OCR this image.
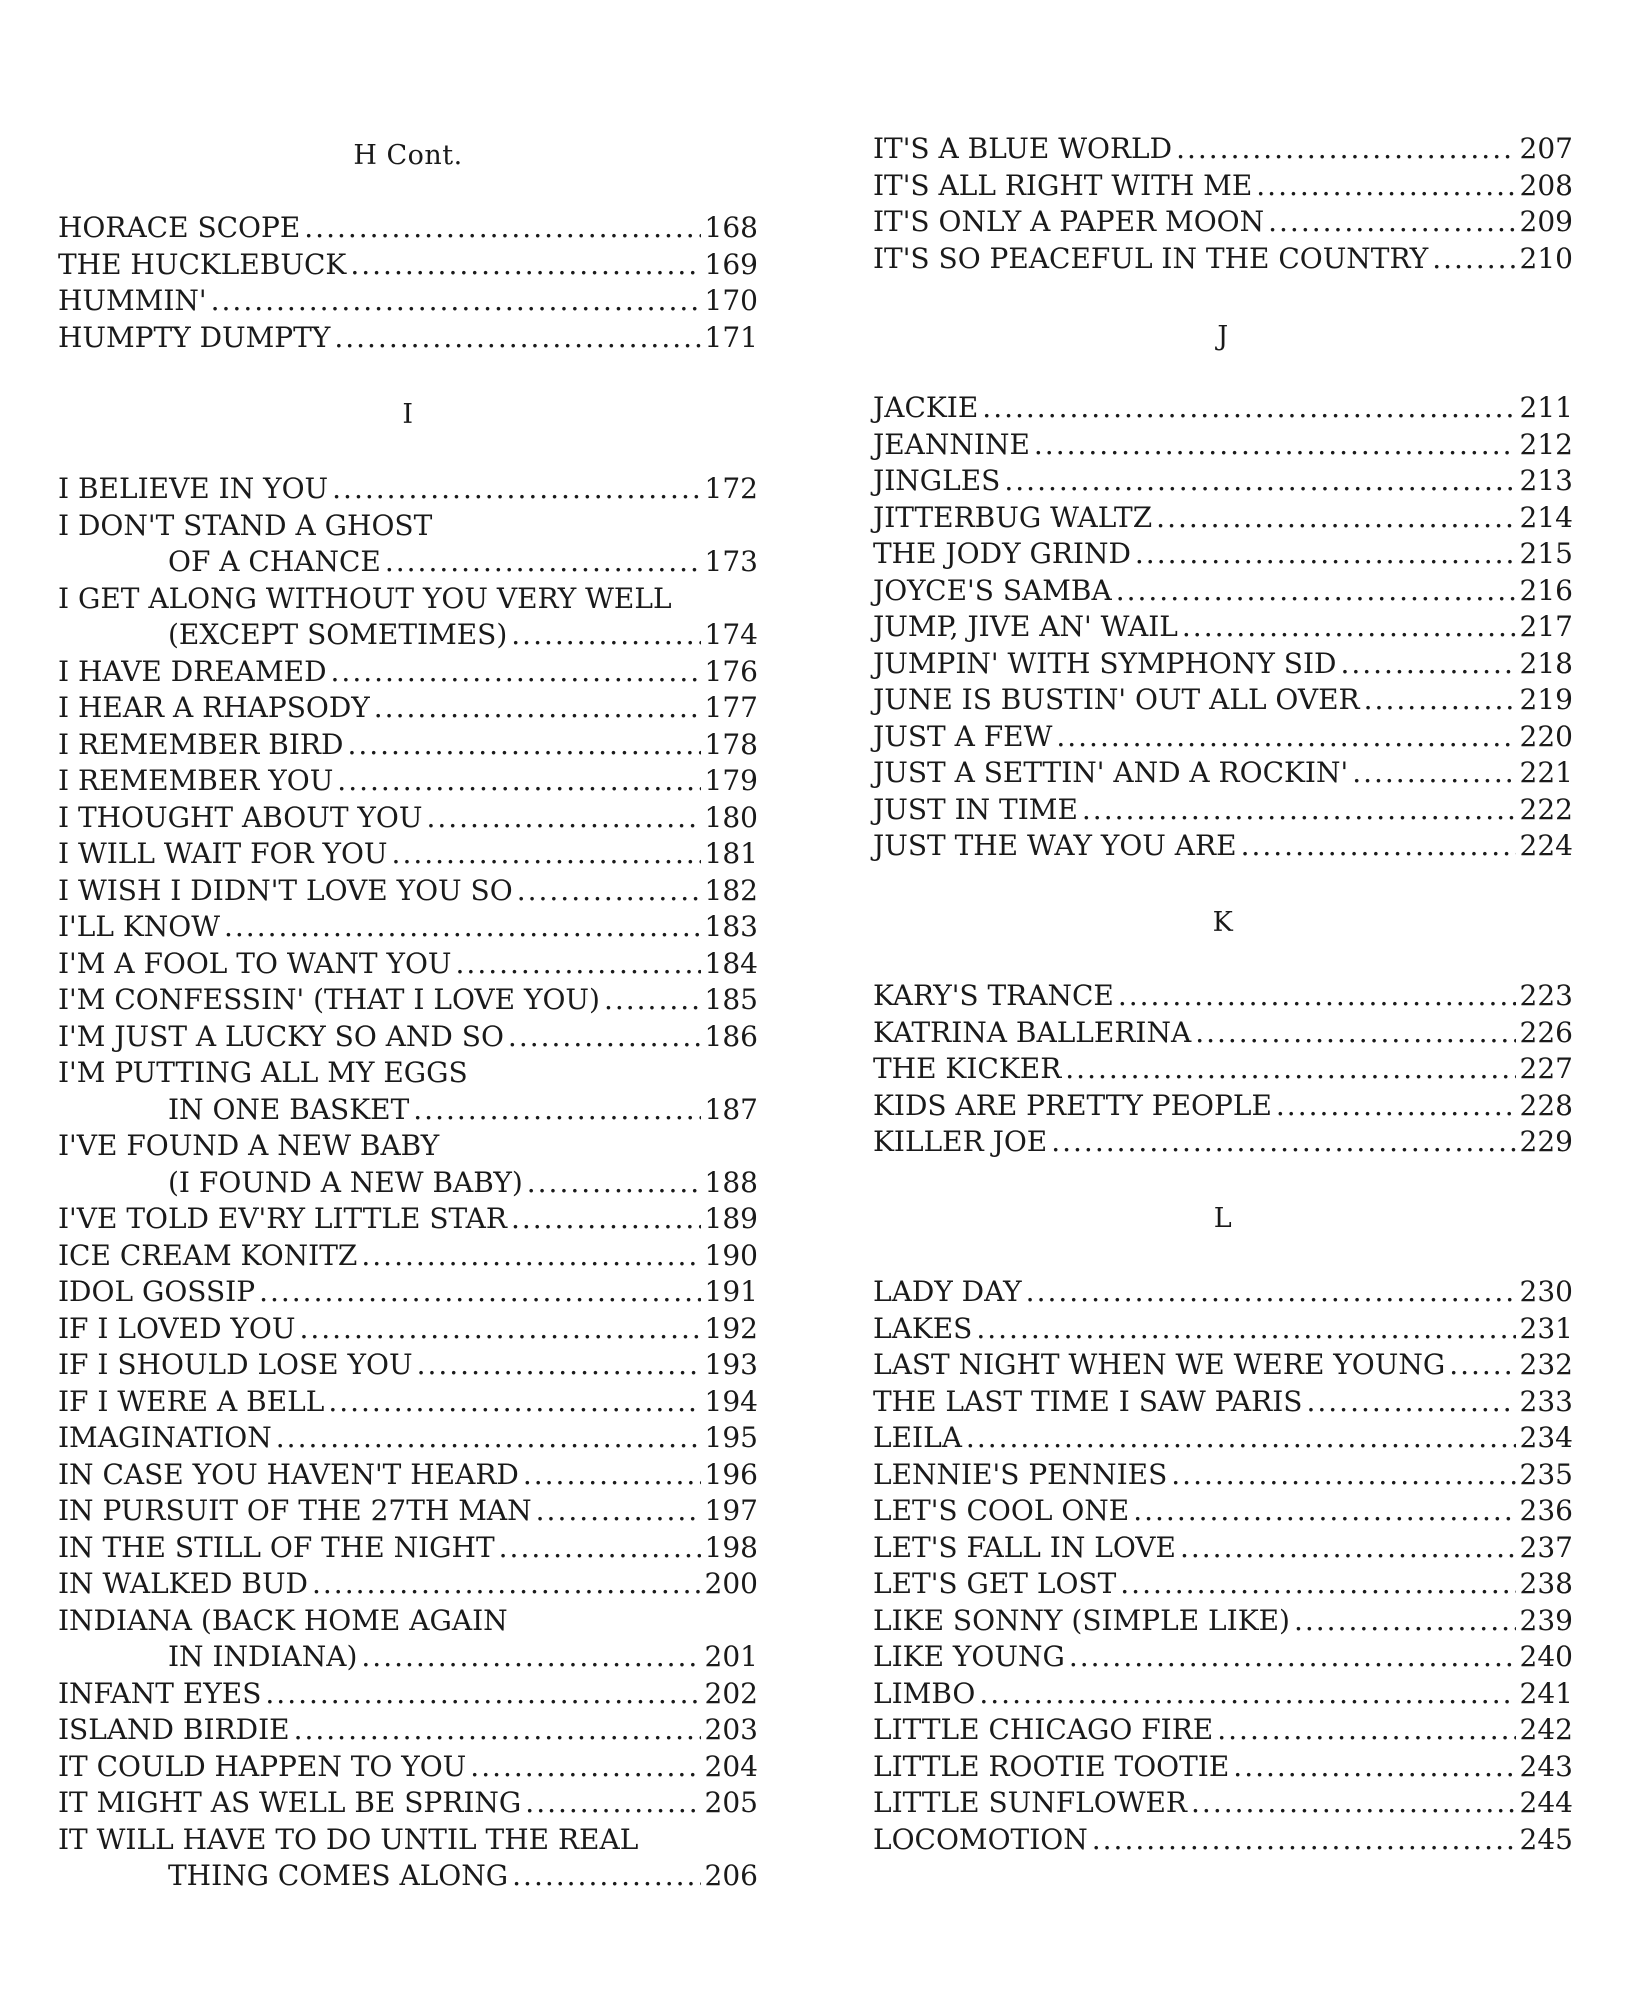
H Cont.
HORACE SCOPE .....	168
THE HUCKLEBUCK .....	169
HUMMIN' .....	170
HUMPTY DUMPTY .....	171
I
I BELIEVE IN YOU .....	172
I DON'T STAND A GHOST
OF A CHANCE .....	173
I GET ALONG WITHOUT YOU VERY WELL
(EXCEPT SOMETIMES) .....	174
I HAVE DREAMED .....	176
I HEAR A RHAPSODY .....	177
I REMEMBER BIRD .....	178
I REMEMBER YOU .....	179
I THOUGHT ABOUT YOU .....	180
I WILL WAIT FOR YOU .....	181
I WISH I DIDN'T LOVE YOU SO .....	182
I'LL KNOW .....	183
I'M A FOOL TO WANT YOU .....	184
I'M CONFESSIN' (THAT I LOVE YOU) .....	185
I'M JUST A LUCKY SO AND SO .....	186
I'M PUTTING ALL MY EGGS
IN ONE BASKET .....	187
I'VE FOUND A NEW BABY
(I FOUND A NEW BABY) .....	188
I'VE TOLD EV'RY LITTLE STAR .....	189
ICE CREAM KONITZ .....	190
IDOL GOSSIP .....	191
IF I LOVED YOU .....	192
IF I SHOULD LOSE YOU .....	193
IF I WERE A BELL .....	194
IMAGINATION .....	195
IN CASE YOU HAVEN'T HEARD .....	196
IN PURSUIT OF THE 27TH MAN .....	197
IN THE STILL OF THE NIGHT .....	198
IN WALKED BUD .....	200
INDIANA (BACK HOME AGAIN
IN INDIANA) .....	201
INFANT EYES .....	202
ISLAND BIRDIE .....	203
IT COULD HAPPEN TO YOU .....	204
IT MIGHT AS WELL BE SPRING .....	205
IT WILL HAVE TO DO UNTIL THE REAL
THING COMES ALONG .....	206
IT'S A BLUE WORLD .....	207
IT'S ALL RIGHT WITH ME .....	208
IT'S ONLY A PAPER MOON .....	209
IT'S SO PEACEFUL IN THE COUNTRY .....	210
J
JACKIE .....	211
JEANNINE .....	212
JINGLES .....	213
JITTERBUG WALTZ .....	214
THE JODY GRIND .....	215
JOYCE'S SAMBA .....	216
JUMP, JIVE AN' WAIL .....	217
JUMPIN' WITH SYMPHONY SID .....	218
JUNE IS BUSTIN' OUT ALL OVER .....	219
JUST A FEW .....	220
JUST A SETTIN' AND A ROCKIN' .....	221
JUST IN TIME .....	222
JUST THE WAY YOU ARE .....	224
K
KARY'S TRANCE .....	223
KATRINA BALLERINA .....	226
THE KICKER .....	227
KIDS ARE PRETTY PEOPLE .....	228
KILLER JOE .....	229
L
LADY DAY .....	230
LAKES .....	231
LAST NIGHT WHEN WE WERE YOUNG .....	232
THE LAST TIME I SAW PARIS .....	233
LEILA .....	234
LENNIE'S PENNIES .....	235
LET'S COOL ONE .....	236
LET'S FALL IN LOVE .....	237
LET'S GET LOST .....	238
LIKE SONNY (SIMPLE LIKE) .....	239
LIKE YOUNG .....	240
LIMBO .....	241
LITTLE CHICAGO FIRE .....	242
LITTLE ROOTIE TOOTIE .....	243
LITTLE SUNFLOWER .....	244
LOCOMOTION .....	245
